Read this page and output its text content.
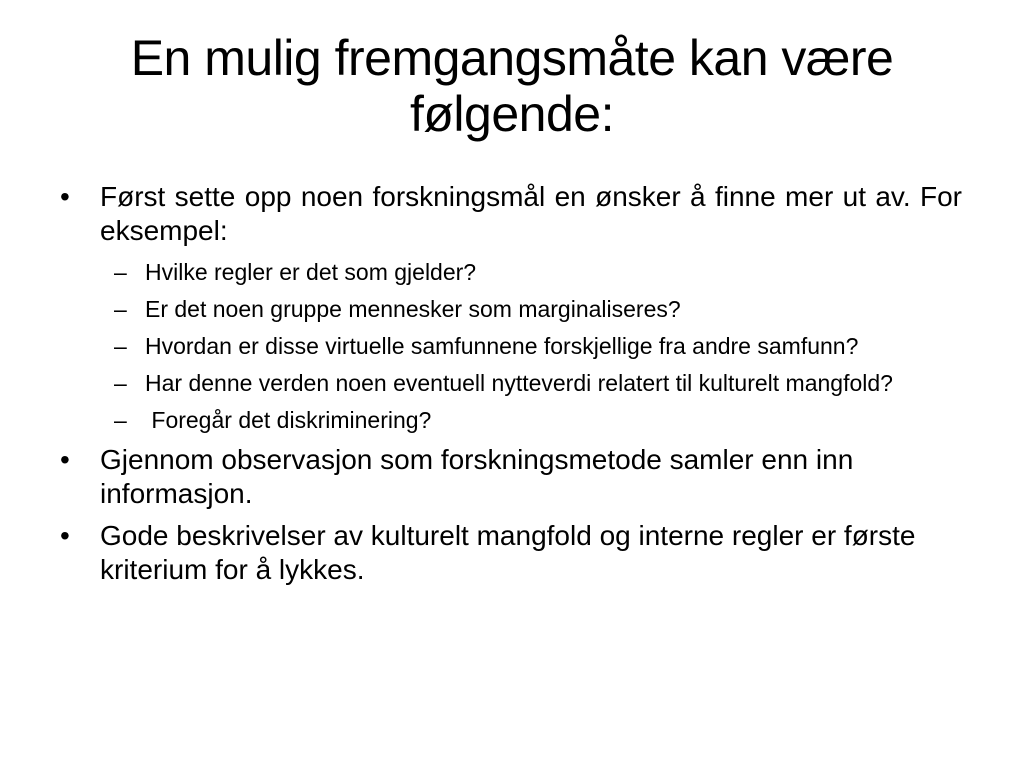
En mulig fremgangsmåte kan være følgende:
•	Først sette opp noen forskningsmål en ønsker å finne mer ut av. For eksempel:
– Hvilke regler er det som gjelder?
– Er det noen gruppe mennesker som marginaliseres?
– Hvordan er disse virtuelle samfunnene forskjellige fra andre samfunn?
– Har denne verden noen eventuell nytteverdi relatert til kulturelt mangfold?
– Foregår det diskriminering?
•	Gjennom observasjon som forskningsmetode samler enn inn informasjon.
•	Gode beskrivelser av kulturelt mangfold og interne regler er første kriterium for å lykkes.
